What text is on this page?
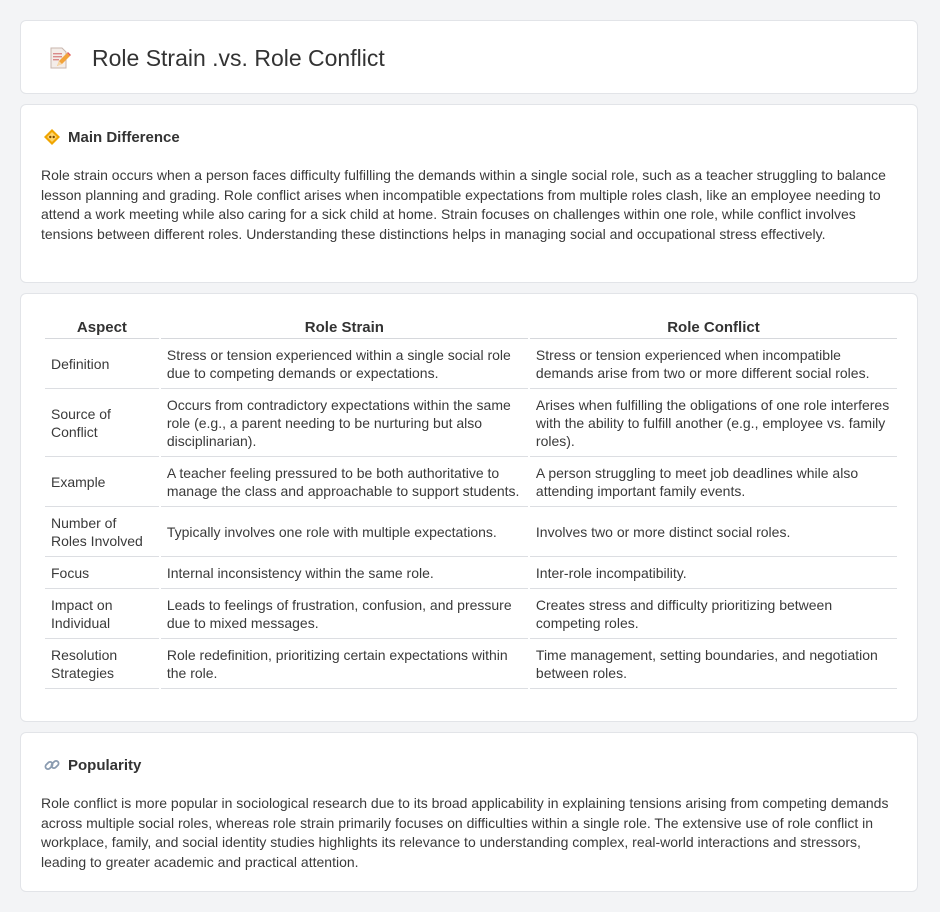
Role Strain .vs. Role Conflict
Main Difference

Role strain occurs when a person faces difficulty fulfilling the demands within a single social role, such as a teacher struggling to balance lesson planning and grading. Role conflict arises when incompatible expectations from multiple roles clash, like an employee needing to attend a work meeting while also caring for a sick child at home. Strain focuses on challenges within one role, while conflict involves tensions between different roles. Understanding these distinctions helps in managing social and occupational stress effectively.

Aspect	Role Strain	Role Conflict
Definition	Stress or tension experienced within a single social role due to competing demands or expectations.	Stress or tension experienced when incompatible demands arise from two or more different social roles.
Source of Conflict	Occurs from contradictory expectations within the same role (e.g., a parent needing to be nurturing but also disciplinarian).	Arises when fulfilling the obligations of one role interferes with the ability to fulfill another (e.g., employee vs. family roles).
Example	A teacher feeling pressured to be both authoritative to manage the class and approachable to support students.	A person struggling to meet job deadlines while also attending important family events.
Number of Roles Involved	Typically involves one role with multiple expectations.	Involves two or more distinct social roles.
Focus	Internal inconsistency within the same role.	Inter-role incompatibility.
Impact on Individual	Leads to feelings of frustration, confusion, and pressure due to mixed messages.	Creates stress and difficulty prioritizing between competing roles.
Resolution Strategies	Role redefinition, prioritizing certain expectations within the role.	Time management, setting boundaries, and negotiation between roles.
Popularity

Role conflict is more popular in sociological research due to its broad applicability in explaining tensions arising from competing demands across multiple social roles, whereas role strain primarily focuses on difficulties within a single role. The extensive use of role conflict in workplace, family, and social identity studies highlights its relevance to understanding complex, real-world interactions and stressors, leading to greater academic and practical attention.
